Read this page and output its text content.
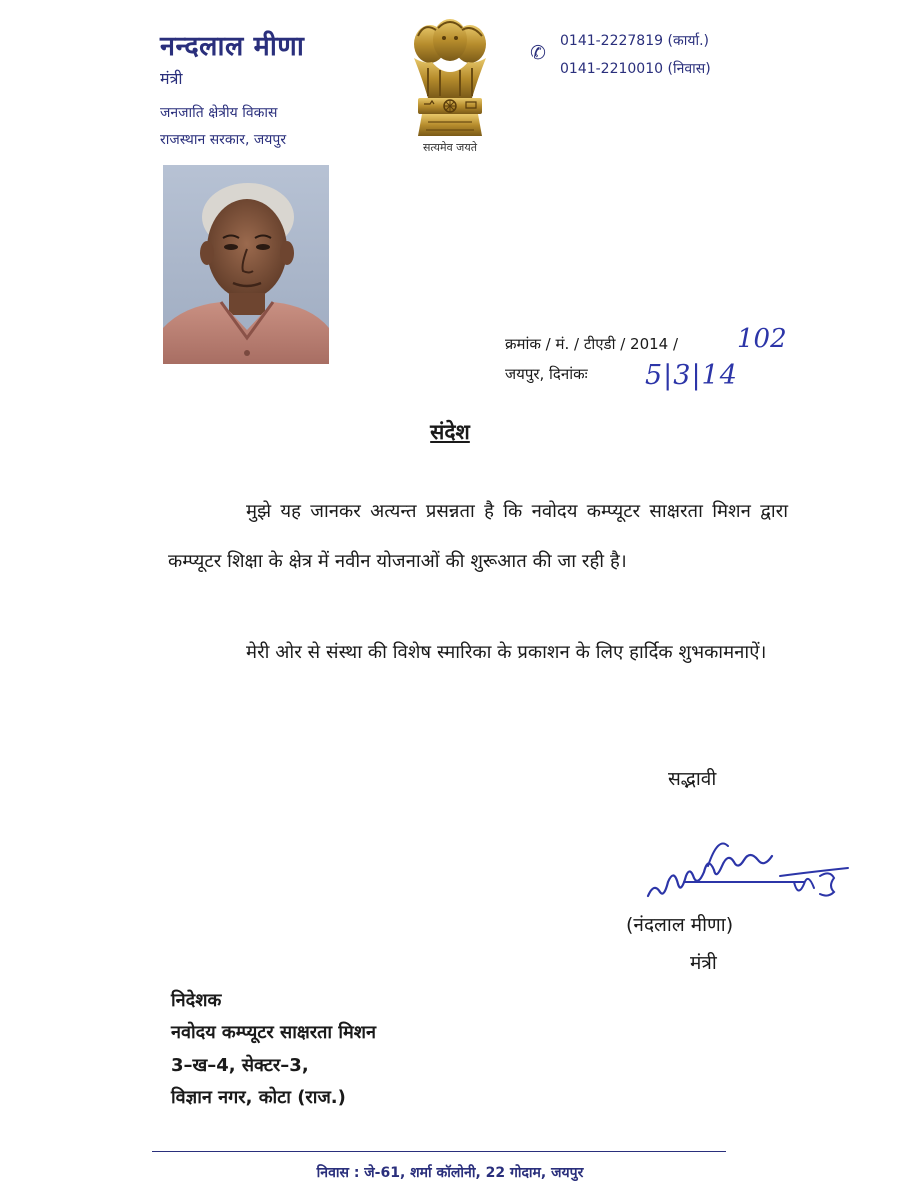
नन्दलाल मीणा
मंत्री
जनजाति क्षेत्रीय विकास
राजस्थान सरकार, जयपुर	सत्यमेव जयते
✆
0141-2227819 (कार्या.)
0141-2210010 (निवास)
क्रमांक / मं. / टीएडी / 2014 / 102
जयपुर, दिनांकः 5|3|14
संदेश
मुझे यह जानकर अत्यन्त प्रसन्नता है कि नवोदय कम्प्यूटर साक्षरता मिशन द्वारा कम्प्यूटर शिक्षा के क्षेत्र में नवीन योजनाओं की शुरूआत की जा रही है।
मेरी ओर से संस्था की विशेष स्मारिका के प्रकाशन के लिए हार्दिक शुभकामनाऐं।
सद्भावी
(नंदलाल मीणा)
मंत्री
निदेशक
नवोदय कम्प्यूटर साक्षरता मिशन
3–ख–4, सेक्टर–3,
विज्ञान नगर, कोटा (राज.)
निवास : जे-61, शर्मा कॉलोनी, 22 गोदाम, जयपुर
